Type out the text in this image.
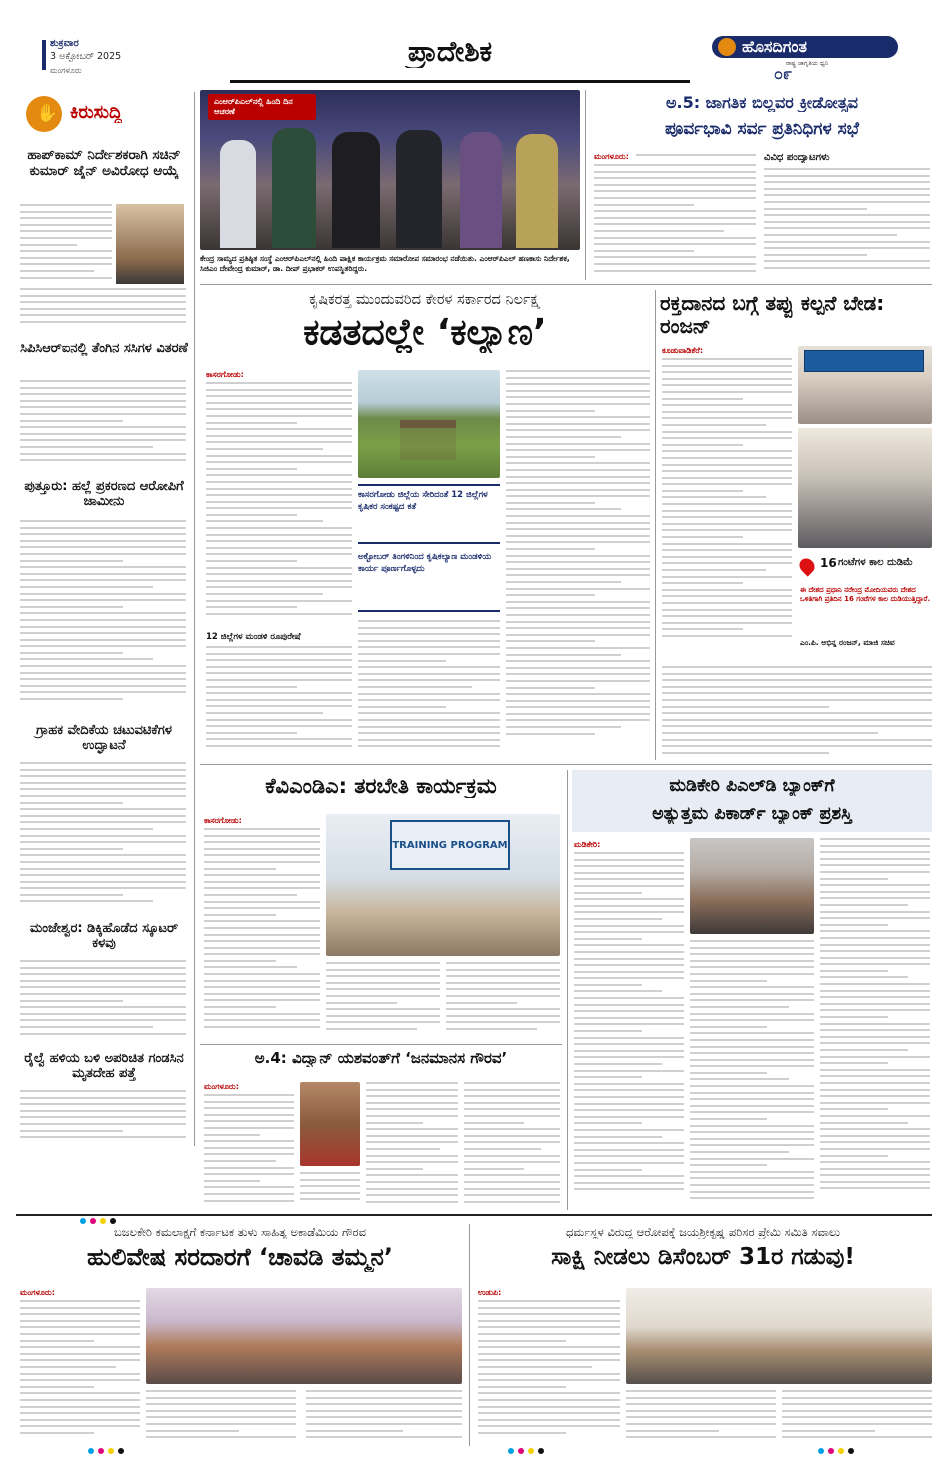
ಶುಕ್ರವಾರ
3 ಅಕ್ಟೋಬರ್ 2025
ಮಂಗಳೂರು
ಪ್ರಾದೇಶಿಕ	ಹೊಸದಿಗಂತ
ರಾಷ್ಟ್ರ ಜಾಗೃತಿಯ ಧ್ವನಿ
೦೯
✋ ಕಿರುಸುದ್ದಿ
ಹಾಪ್‌ಕಾಮ್ ನಿರ್ದೇಶಕರಾಗಿ ಸಚಿನ್ ಕುಮಾರ್ ಜೈನ್ ಅವಿರೋಧ ಆಯ್ಕೆ
ಸಿಪಿಸಿಆರ್‌ಐನಲ್ಲಿ ತೆಂಗಿನ ಸಸಿಗಳ ವಿತರಣೆ
ಪುತ್ತೂರು: ಹಲ್ಲೆ ಪ್ರಕರಣದ ಆರೋಪಿಗೆ ಜಾಮೀನು
ಗ್ರಾಹಕ ವೇದಿಕೆಯ ಚಟುವಟಿಕೆಗಳ ಉದ್ಘಾಟನೆ
ಮಂಜೇಶ್ವರ: ಡಿಕ್ಕಿಹೊಡೆದ ಸ್ಕೂಟರ್ ಕಳವು
ರೈಲ್ವೆ ಹಳಿಯ ಬಳಿ ಅಪರಿಚಿತ ಗಂಡಸಿನ ಮೃತದೇಹ ಪತ್ತೆ
ಎಂಆರ್‌ಪಿಎಲ್‌ನಲ್ಲಿ ಹಿಂದಿ ದಿನ ಆಚರಣೆ
ಕೇಂದ್ರ ಸಾಮ್ಯದ ಪ್ರತಿಷ್ಠಿತ ಸಂಸ್ಥೆ ಎಂಆರ್‌ಪಿಎಲ್‌ನಲ್ಲಿ ಹಿಂದಿ ಪಾಕ್ಷಿಕ ಕಾರ್ಯಕ್ರಮ ಸಮಾರೋಪ ಸಮಾರಂಭ ನಡೆಯಿತು. ಎಂಆರ್‌ಪಿಎಲ್ ಹಣಕಾಸು ನಿರ್ದೇಶಕ, ಸಿಜಿಎಂ ದೇವೇಂದ್ರ ಕುಮಾರ್, ಡಾ. ದೀಪ್ ಪ್ರಭಾಕರ್ ಉಪಸ್ಥಿತರಿದ್ದರು.
ಅ.5: ಜಾಗತಿಕ ಬಿಲ್ಲವರ ಕ್ರೀಡೋತ್ಸವ
ಪೂರ್ವಭಾವಿ ಸರ್ವ ಪ್ರತಿನಿಧಿಗಳ ಸಭೆ
ಮಂಗಳೂರು:	ವಿವಿಧ ಪಂದ್ಯಾಟಗಳು
ಕೃಷಿಕರತ್ತ ಮುಂದುವರಿದ ಕೇರಳ ಸರ್ಕಾರದ ನಿರ್ಲಕ್ಷ್ಯ
ಕಡತದಲ್ಲೇ ‘ಕಲ್ಯಾಣ’
ಕಾಸರಗೋಡು:
12 ಜಿಲ್ಲೆಗಳ ಮಂಡಳಿ ರೂಪುರೇಷೆ
ಕಾಸರಗೋಡು ಜಿಲ್ಲೆಯ ಸೇರಿದಂತೆ 12 ಜಿಲ್ಲೆಗಳ ಕೃಷಿಕರ ಸಂಕಷ್ಟದ ಕತೆ
ಅಕ್ಟೋಬರ್ ತಿಂಗಳಿನಿಂದ ಕೃಷಿಕಲ್ಯಾಣ ಮಂಡಳಿಯ ಕಾರ್ಯ ಪೂರ್ಣಗೊಳ್ಳದು
ರಕ್ತದಾನದ ಬಗ್ಗೆ ತಪ್ಪು ಕಲ್ಪನೆ ಬೇಡ: ರಂಜನ್
ಕೂಡುವಾಡಿಕೆರೆ:
16 ಗಂಟೆಗಳ ಕಾಲ ದುಡಿಮೆ
ಈ ದೇಶದ ಪ್ರಧಾನಿ ನರೇಂದ್ರ ಮೋದಿಯವರು ದೇಶದ ಒಳಿತಿಗಾಗಿ ಪ್ರತಿದಿನ 16 ಗಂಟೆಗಳ ಕಾಲ ದುಡಿಯುತ್ತಿದ್ದಾರೆ.
ಎಂ.ಪಿ. ಅಭಿನ್ನ ರಂಜನ್, ಮಾಜಿ ಸಚಿವ
ಕೆವಿಎಂಡಿಎ: ತರಬೇತಿ ಕಾರ್ಯಕ್ರಮ
ಕಾಸರಗೋಡು:
TRAINING PROGRAM
ಅ.4: ವಿದ್ವಾನ್ ಯಶವಂತ್‌ಗೆ ‘ಜನಮಾನಸ ಗೌರವ’
ಮಂಗಳೂರು:
ಮಡಿಕೇರಿ ಪಿಎಲ್‌ಡಿ ಬ್ಯಾಂಕ್‌ಗೆ
ಅತ್ಯುತ್ತಮ ಪಿಕಾರ್ಡ್ ಬ್ಯಾಂಕ್ ಪ್ರಶಸ್ತಿ
ಮಡಿಕೇರಿ:
ಬಜಲಕೇರಿ ಕಮಲಾಕ್ಷಗೆ ಕರ್ನಾಟಕ ತುಳು ಸಾಹಿತ್ಯ ಅಕಾಡೆಮಿಯ ಗೌರವ
ಹುಲಿವೇಷ ಸರದಾರಗೆ ‘ಚಾವಡಿ ತಮ್ಮನ’
ಮಂಗಳೂರು:
ಧರ್ಮಸ್ಥಳ ವಿರುದ್ಧ ಆರೋಪಕ್ಕೆ ಜಯಶ್ರೀಕೃಷ್ಣ ಪರಿಸರ ಪ್ರೇಮಿ ಸಮಿತಿ ಸವಾಲು
ಸಾಕ್ಷಿ ನೀಡಲು ಡಿಸೆಂಬರ್ 31ರ ಗಡುವು!
ಉಡುಪಿ:
